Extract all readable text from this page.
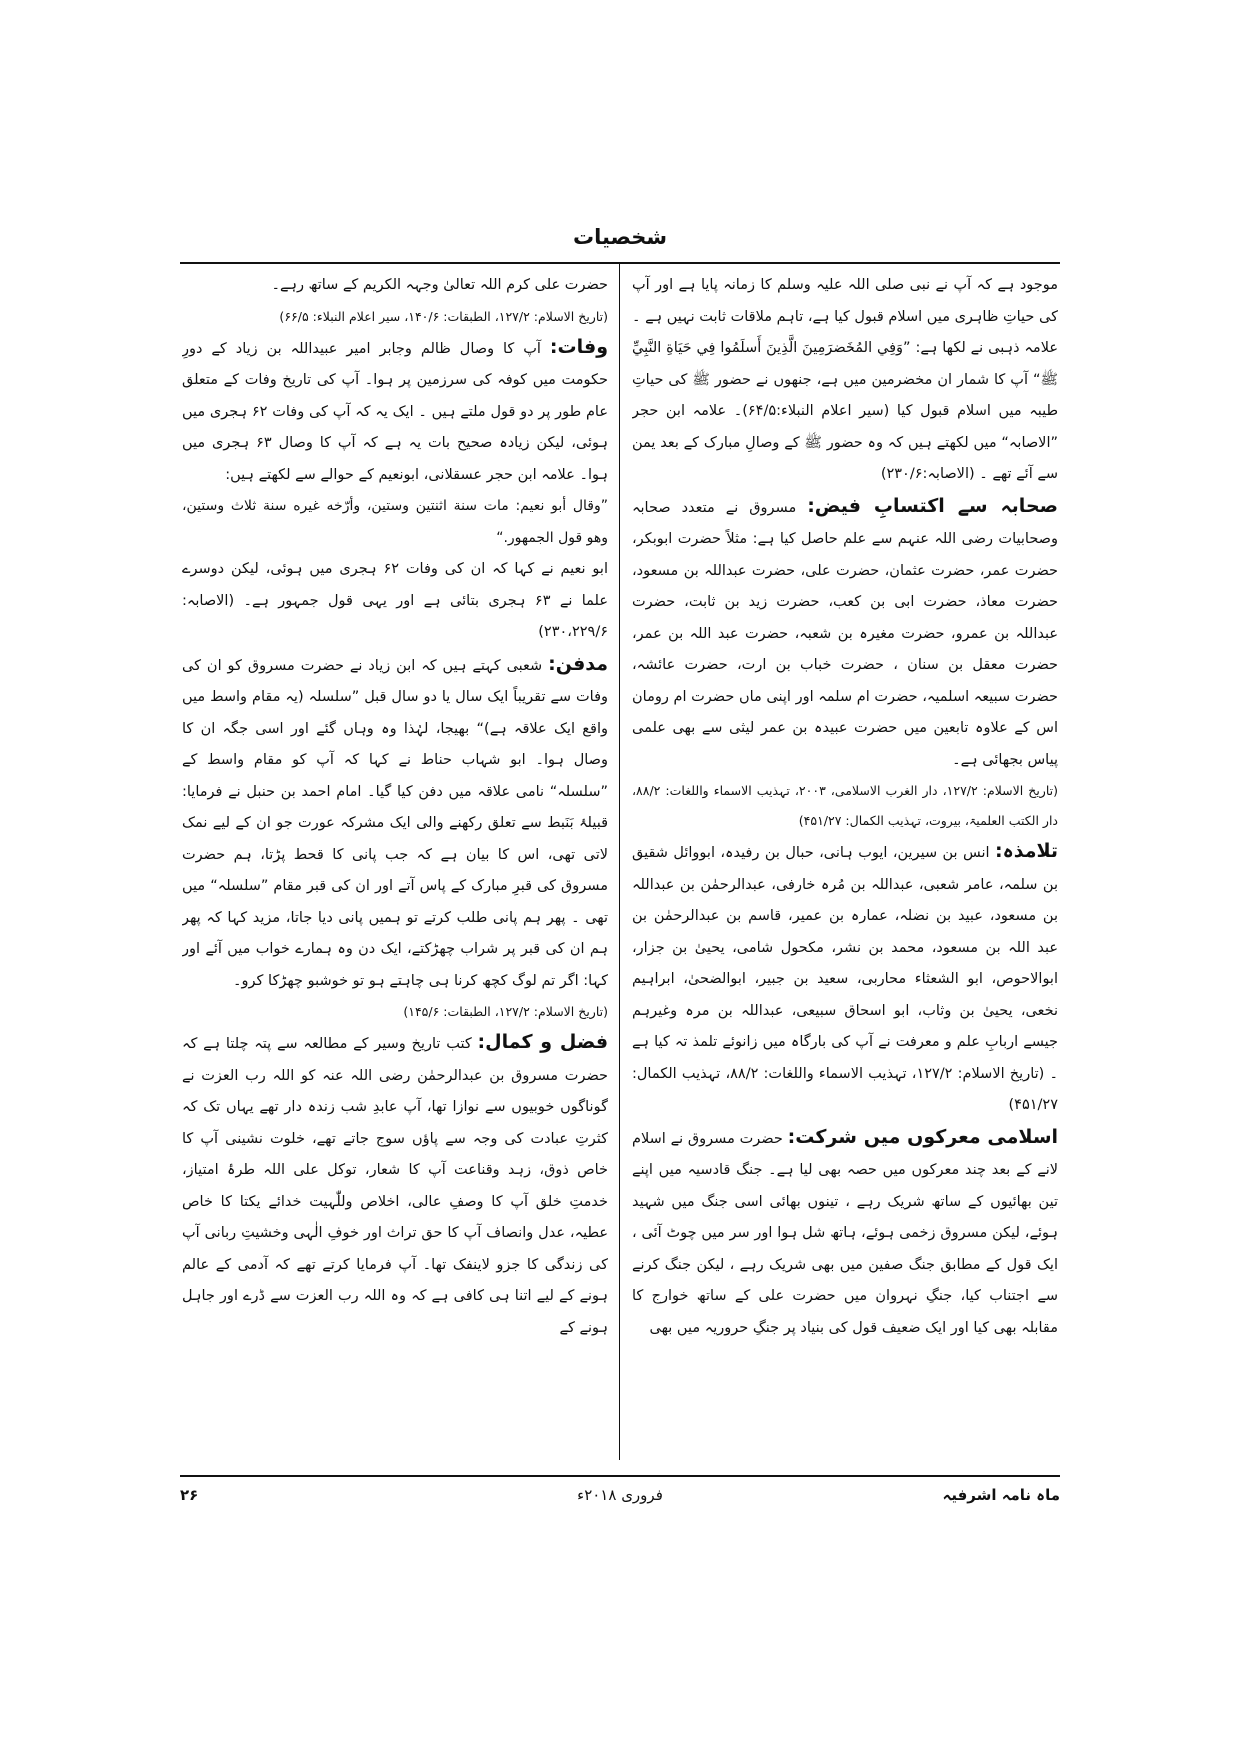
شخصیات

موجود ہے کہ آپ نے نبی صلی اللہ علیہ وسلم کا زمانہ پایا ہے اور آپ کی حیاتِ ظاہری میں اسلام قبول کیا ہے، تاہم ملاقات ثابت نہیں ہے ۔ علامہ ذہبی نے لکھا ہے: ”وَفِي المُخَضرَمِينَ الَّذِينَ أَسلَمُوا فِي حَيَاةِ النَّبِيِّ ﷺ“ آپ کا شمار ان مخضرمین میں ہے، جنھوں نے حضور ﷺ کی حیاتِ طیبہ میں اسلام قبول کیا (سیر اعلام النبلاء:۶۴/۵)۔ علامہ ابن حجر ”الاصابہ“ میں لکھتے ہیں کہ وہ حضور ﷺ کے وصالِ مبارک کے بعد یمن سے آئے تھے ۔ (الاصابہ:۲۳۰/۶)

صحابہ سے اکتسابِ فیض: مسروق نے متعدد صحابہ وصحابیات رضی اللہ عنہم سے علم حاصل کیا ہے: مثلاً حضرت ابوبکر، حضرت عمر، حضرت عثمان، حضرت علی، حضرت عبداللہ بن مسعود، حضرت معاذ، حضرت ابی بن کعب، حضرت زید بن ثابت، حضرت عبداللہ بن عمرو، حضرت مغیرہ بن شعبہ، حضرت عبد اللہ بن عمر، حضرت معقل بن سنان ، حضرت خباب بن ارت، حضرت عائشہ، حضرت سبیعہ اسلمیہ، حضرت ام سلمہ اور اپنی ماں حضرت ام رومان اس کے علاوہ تابعین میں حضرت عبیدہ بن عمر لیثی سے بھی علمی پیاس بجھائی ہے۔

(تاریخ الاسلام: ۱۲۷/۲، دار الغرب الاسلامی، ۲۰۰۳، تہذیب الاسماء واللغات: ۸۸/۲، دار الکتب العلمیۃ، بیروت، تہذیب الکمال: ۴۵۱/۲۷)

تلامذہ: انس بن سیرین، ایوب ہانی، حبال بن رفیدہ، ابووائل شقیق بن سلمہ، عامر شعبی، عبداللہ بن مُرہ خارفی، عبدالرحمٰن بن عبداللہ بن مسعود، عبید بن نضلہ، عمارہ بن عمیر، قاسم بن عبدالرحمٰن بن عبد اللہ بن مسعود، محمد بن نشر، مکحول شامی، یحییٰ بن جزار، ابوالاحوص، ابو الشعثاء محاربی، سعید بن جبیر، ابوالضحیٰ، ابراہیم نخعی، یحییٰ بن وثاب، ابو اسحاق سبیعی، عبداللہ بن مرہ وغیرہم جیسے اربابِ علم و معرفت نے آپ کی بارگاہ میں زانوئے تلمذ تہ کیا ہے ۔ (تاریخ الاسلام: ۱۲۷/۲، تہذیب الاسماء واللغات: ۸۸/۲، تہذیب الکمال: ۴۵۱/۲۷)

اسلامی معرکوں میں شرکت: حضرت مسروق نے اسلام لانے کے بعد چند معرکوں میں حصہ بھی لیا ہے۔ جنگ قادسیہ میں اپنے تین بھائیوں کے ساتھ شریک رہے ، تینوں بھائی اسی جنگ میں شہید ہوئے، لیکن مسروق زخمی ہوئے، ہاتھ شل ہوا اور سر میں چوٹ آئی ، ایک قول کے مطابق جنگ صفین میں بھی شریک رہے ، لیکن جنگ کرنے سے اجتناب کیا، جنگِ نہروان میں حضرت علی کے ساتھ خوارج کا مقابلہ بھی کیا اور ایک ضعیف قول کی بنیاد پر جنگِ حروریہ میں بھی

حضرت علی کرم اللہ تعالیٰ وجہہ الکریم کے ساتھ رہے۔

(تاریخ الاسلام: ۱۲۷/۲، الطبقات: ۱۴۰/۶، سیر اعلام النبلاء: ۶۶/۵)

وفات: آپ کا وصال ظالم وجابر امیر عبیداللہ بن زیاد کے دورِ حکومت میں کوفہ کی سرزمین پر ہوا۔ آپ کی تاریخ وفات کے متعلق عام طور پر دو قول ملتے ہیں ۔ ایک یہ کہ آپ کی وفات ۶۲ ہجری میں ہوئی، لیکن زیادہ صحیح بات یہ ہے کہ آپ کا وصال ۶۳ ہجری میں ہوا۔ علامہ ابن حجر عسقلانی، ابونعیم کے حوالے سے لکھتے ہیں:

”وقال أبو نعیم: مات سنة اثنتین وستین، وأرّخه غیره سنة ثلاث وستین، وهو قول الجمهور.“

ابو نعیم نے کہا کہ ان کی وفات ۶۲ ہجری میں ہوئی، لیکن دوسرے علما نے ۶۳ ہجری بتائی ہے اور یہی قول جمہور ہے۔ (الاصابہ: ۲۳۰،۲۲۹/۶)

مدفن: شعبی کہتے ہیں کہ ابن زیاد نے حضرت مسروق کو ان کی وفات سے تقریباً ایک سال یا دو سال قبل ”سلسلہ (یہ مقام واسط میں واقع ایک علاقہ ہے)“ بھیجا، لہٰذا وہ وہاں گئے اور اسی جگہ ان کا وصال ہوا۔ ابو شہاب حناط نے کہا کہ آپ کو مقام واسط کے ”سلسلہ“ نامی علاقہ میں دفن کیا گیا۔ امام احمد بن حنبل نے فرمایا: قبیلۂ بَنَبط سے تعلق رکھنے والی ایک مشرکہ عورت جو ان کے لیے نمک لاتی تھی، اس کا بیان ہے کہ جب پانی کا قحط پڑتا، ہم حضرت مسروق کی قبرِ مبارک کے پاس آتے اور ان کی قبر مقام ”سلسلہ“ میں تھی ۔ پھر ہم پانی طلب کرتے تو ہمیں پانی دیا جاتا، مزید کہا کہ پھر ہم ان کی قبر پر شراب چھڑکتے، ایک دن وہ ہمارے خواب میں آئے اور کہا: اگر تم لوگ کچھ کرنا ہی چاہتے ہو تو خوشبو چھڑکا کرو۔

(تاریخ الاسلام: ۱۲۷/۲، الطبقات: ۱۴۵/۶)

فضل و کمال: کتب تاریخ وسیر کے مطالعہ سے پتہ چلتا ہے کہ حضرت مسروق بن عبدالرحمٰن رضی اللہ عنہ کو اللہ رب العزت نے گوناگوں خوبیوں سے نوازا تھا، آپ عابدِ شب زندہ دار تھے یہاں تک کہ کثرتِ عبادت کی وجہ سے پاؤں سوج جاتے تھے، خلوت نشینی آپ کا خاص ذوق، زہد وقناعت آپ کا شعار، توکل علی اللہ طرۂ امتیاز، خدمتِ خلق آپ کا وصفِ عالی، اخلاص وللّٰہیت خدائے یکتا کا خاص عطیہ، عدل وانصاف آپ کا حق تراث اور خوفِ الٰہی وخشیتِ ربانی آپ کی زندگی کا جزو لاینفک تھا۔ آپ فرمایا کرتے تھے کہ آدمی کے عالم ہونے کے لیے اتنا ہی کافی ہے کہ وہ اللہ رب العزت سے ڈرے اور جاہل ہونے کے

ماہ نامہ اشرفیہ
فروری ۲۰۱۸ء
۲۶
